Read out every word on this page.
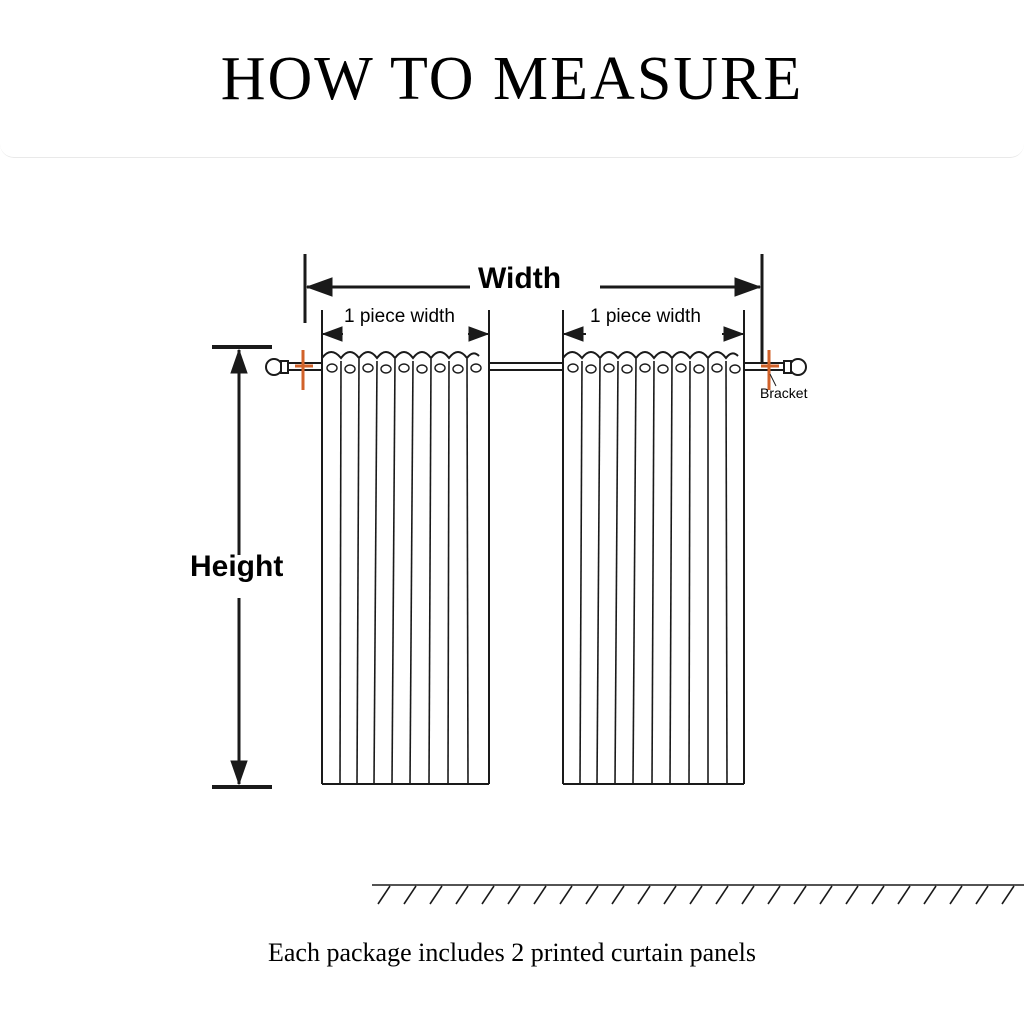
HOW TO MEASURE
Width
Height
1 piece width	1 piece width
Bracket
Each package includes 2 printed curtain panels
